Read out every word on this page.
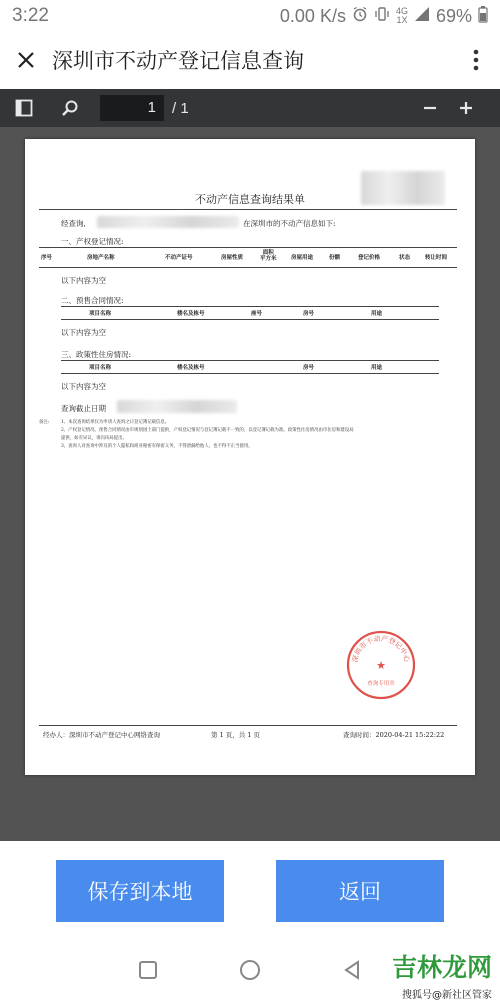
3:22	0.00 K/s	4G
1X 69%
深圳市不动产登记信息查询
1	/ 1
不动产信息查询结果单
经查询,	在深圳市的不动产信息如下:
一、产权登记情况:
序号	房地产名称	不动产证号	房屋性质
面积
平方米	房屋用途	份额	登记价格	状态	转让时间
以下内容为空
二、预售合同情况:
项目名称	楼名及栋号	座号	房号	用途
以下内容为空
三、政策性住房情况:
项目名称	楼名及栋号	房号	用途
以下内容为空
查询截止日期
备注:	1、本次查询结果仅为申请人查询之日登记簿记载信息。
2、产权登记情况、预售合同情况由市规划国土部门提供，产权登记情况与登记簿记载不一致的，以登记簿记载为准。政策性住房情况由市住房和建设局
提供，如有异议，请向该局提出。
3、查询人对查询中涉及的个人隐私和商业秘密有保密义务，不得泄漏给他人，也不得不正当使用。
深圳市不动产登记中心
★
查询专用章
经办人：深圳市不动产登记中心网络查询	第 1 页，共 1 页	查询时间：2020-04-21 15:22:22
保存到本地	返回
吉林龙网
搜狐号@新社区管家
